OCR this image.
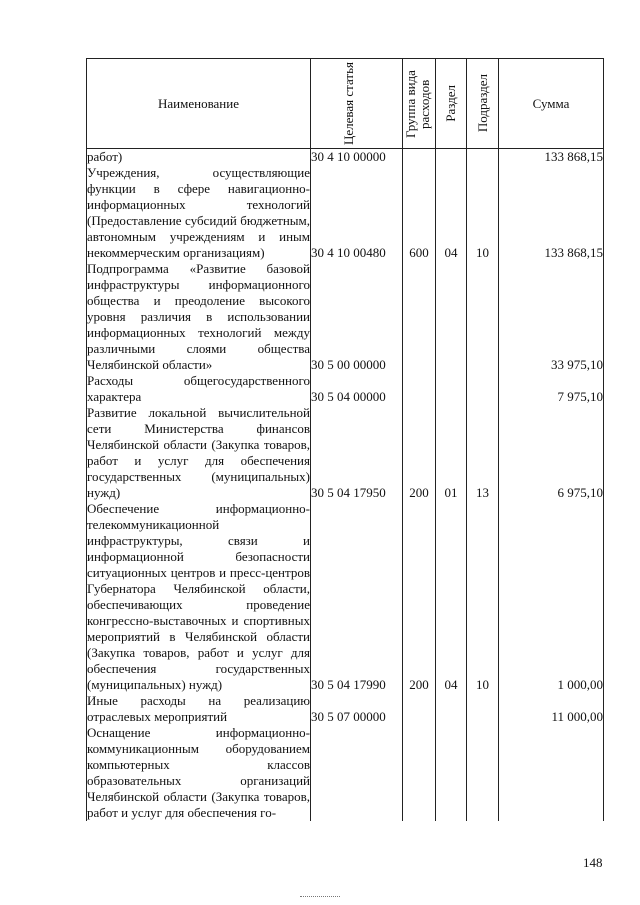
Наименование	Целевая статья	Группа вида расходов	Раздел	Подраздел	Сумма
работ)	30 4 10 00000				133 868,15
Учреждения, осуществляющие функции в сфере навигационно-информационных технологий (Предоставление субсидий бюджетным, автономным учреждениям и иным некоммерческим организациям)	30 4 10 00480	600	04	10	133 868,15
Подпрограмма «Развитие базовой инфраструктуры информационного общества и преодоление высокого уровня различия в использовании информационных технологий между различными слоями общества Челябинской области»	30 5 00 00000				33 975,10
Расходы общегосударственного характера	30 5 04 00000				7 975,10
Развитие локальной вычислительной сети Министерства финансов Челябинской области (Закупка товаров, работ и услуг для обеспечения государственных (муниципальных) нужд)	30 5 04 17950	200	01	13	6 975,10
Обеспечение информационно-телекоммуникационной инфраструктуры, связи и информационной безопасности ситуационных центров и пресс-центров Губернатора Челябинской области, обеспечивающих проведение конгрессно-выставочных и спортивных мероприятий в Челябинской области (Закупка товаров, работ и услуг для обеспечения государственных (муниципальных) нужд)	30 5 04 17990	200	04	10	1 000,00
Иные расходы на реализацию отраслевых мероприятий	30 5 07 00000				11 000,00
Оснащение информационно-коммуникационным оборудованием компьютерных классов образовательных организаций Челябинской области (Закупка товаров, работ и услуг для обеспечения го-					
148
